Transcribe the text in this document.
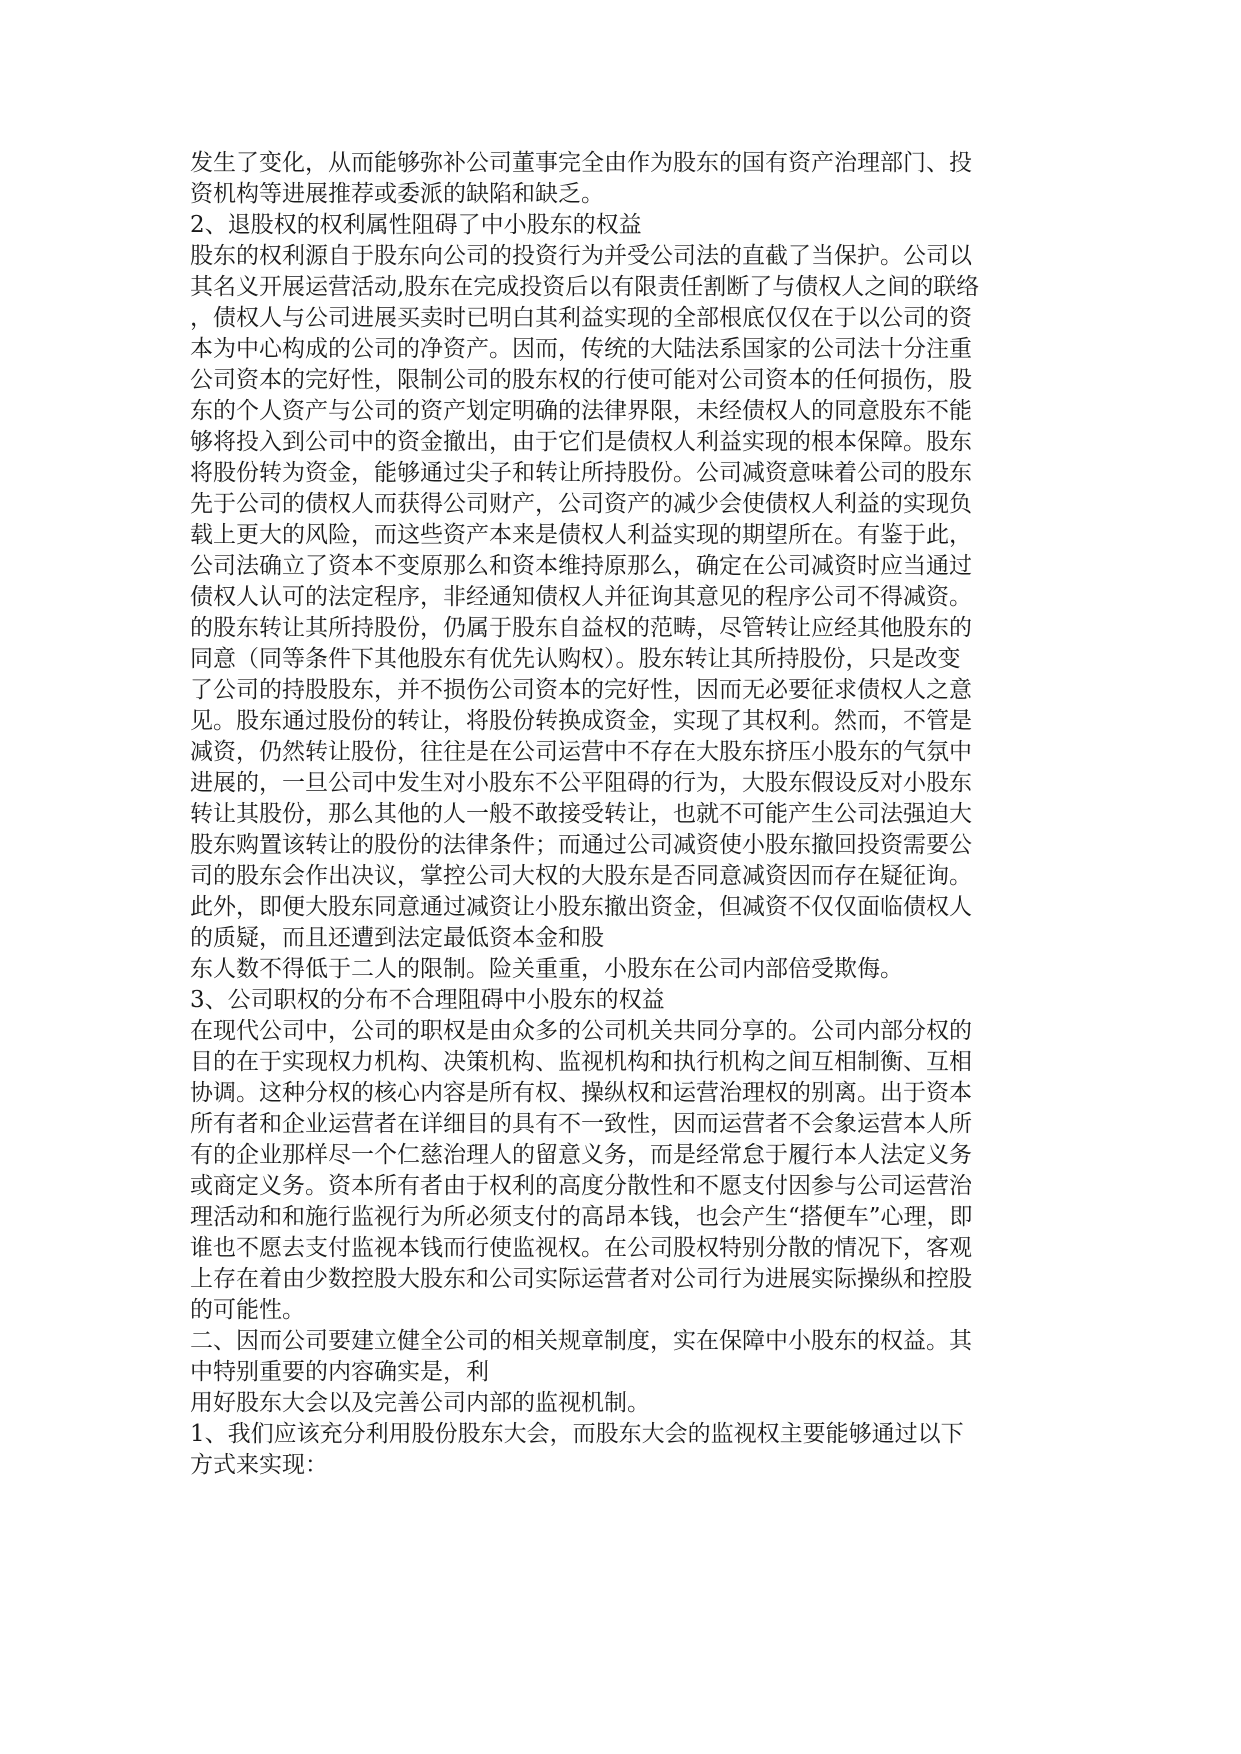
发生了变化，从而能够弥补公司董事完全由作为股东的国有资产治理部门、投

资机构等进展推荐或委派的缺陷和缺乏。

2、退股权的权利属性阻碍了中小股东的权益

股东的权利源自于股东向公司的投资行为并受公司法的直截了当保护。公司以

其名义开展运营活动,股东在完成投资后以有限责任割断了与债权人之间的联络

，债权人与公司进展买卖时已明白其利益实现的全部根底仅仅在于以公司的资

本为中心构成的公司的净资产。因而，传统的大陆法系国家的公司法十分注重

公司资本的完好性，限制公司的股东权的行使可能对公司资本的任何损伤，股

东的个人资产与公司的资产划定明确的法律界限，未经债权人的同意股东不能

够将投入到公司中的资金撤出，由于它们是债权人利益实现的根本保障。股东

将股份转为资金，能够通过尖子和转让所持股份。公司减资意味着公司的股东

先于公司的债权人而获得公司财产，公司资产的减少会使债权人利益的实现负

载上更大的风险，而这些资产本来是债权人利益实现的期望所在。有鉴于此，

公司法确立了资本不变原那么和资本维持原那么，确定在公司减资时应当通过

债权人认可的法定程序，非经通知债权人并征询其意见的程序公司不得减资。

的股东转让其所持股份，仍属于股东自益权的范畴，尽管转让应经其他股东的

同意（同等条件下其他股东有优先认购权）。股东转让其所持股份，只是改变

了公司的持股股东，并不损伤公司资本的完好性，因而无必要征求债权人之意

见。股东通过股份的转让，将股份转换成资金，实现了其权利。然而，不管是

减资，仍然转让股份，往往是在公司运营中不存在大股东挤压小股东的气氛中

进展的，一旦公司中发生对小股东不公平阻碍的行为，大股东假设反对小股东

转让其股份，那么其他的人一般不敢接受转让，也就不可能产生公司法强迫大

股东购置该转让的股份的法律条件；而通过公司减资使小股东撤回投资需要公

司的股东会作出决议，掌控公司大权的大股东是否同意减资因而存在疑征询。

此外，即便大股东同意通过减资让小股东撤出资金，但减资不仅仅面临债权人

的质疑，而且还遭到法定最低资本金和股

东人数不得低于二人的限制。险关重重，小股东在公司内部倍受欺侮。

3、公司职权的分布不合理阻碍中小股东的权益

在现代公司中，公司的职权是由众多的公司机关共同分享的。公司内部分权的

目的在于实现权力机构、决策机构、监视机构和执行机构之间互相制衡、互相

协调。这种分权的核心内容是所有权、操纵权和运营治理权的别离。出于资本

所有者和企业运营者在详细目的具有不一致性，因而运营者不会象运营本人所

有的企业那样尽一个仁慈治理人的留意义务，而是经常怠于履行本人法定义务

或商定义务。资本所有者由于权利的高度分散性和不愿支付因参与公司运营治

理活动和和施行监视行为所必须支付的高昂本钱，也会产生“搭便车”心理，即

谁也不愿去支付监视本钱而行使监视权。在公司股权特别分散的情况下，客观

上存在着由少数控股大股东和公司实际运营者对公司行为进展实际操纵和控股

的可能性。

二、因而公司要建立健全公司的相关规章制度，实在保障中小股东的权益。其

中特别重要的内容确实是，利

用好股东大会以及完善公司内部的监视机制。

1、我们应该充分利用股份股东大会，而股东大会的监视权主要能够通过以下

方式来实现：
